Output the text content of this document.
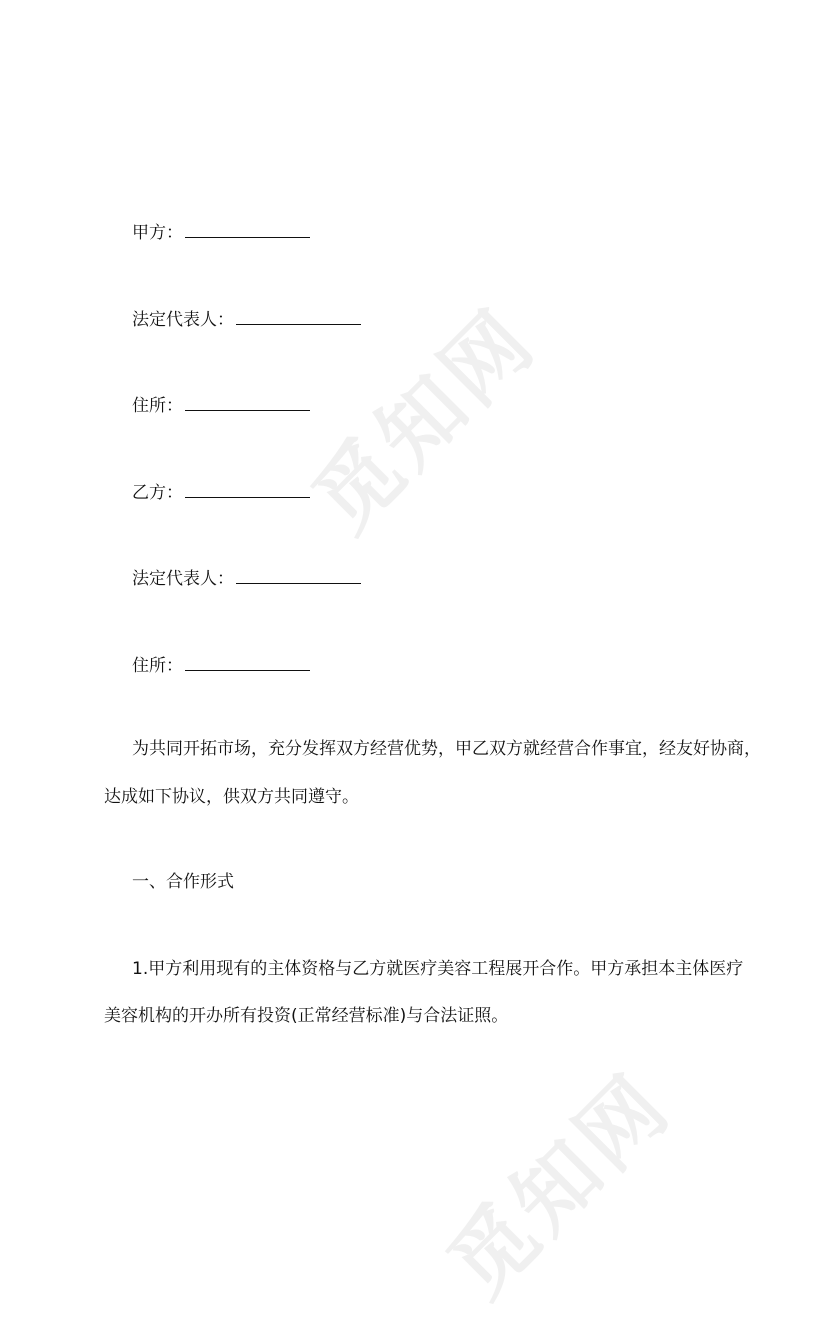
觅知网
觅知网
甲方：
法定代表人：
住所：
乙方：
法定代表人：
住所：
为共同开拓市场，充分发挥双方经营优势，甲乙双方就经营合作事宜，经友好协商，
达成如下协议，供双方共同遵守。
一、合作形式
1.甲方利用现有的主体资格与乙方就医疗美容工程展开合作。甲方承担本主体医疗
美容机构的开办所有投资(正常经营标准)与合法证照。
